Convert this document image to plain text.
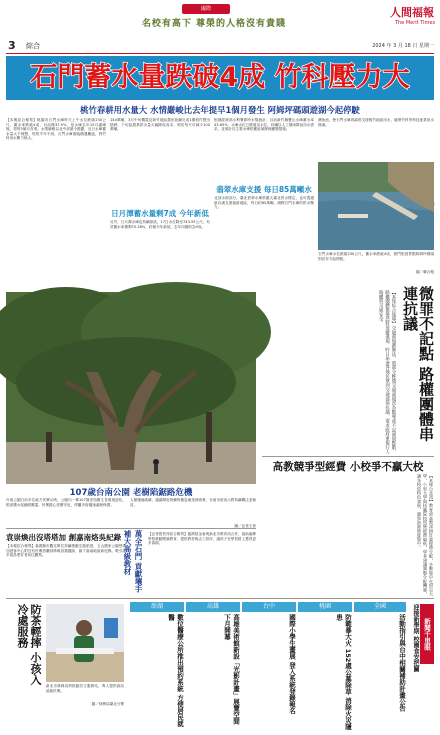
國際
名校有高下 尊榮的人格沒有貴賤
人間福報
The Merit Times
3 綜合	2024 年 3 月 18 日 星期一
石門蓄水量跌破4成 竹科壓力大
桃竹春耕用水量大 水情嚴峻比去年提早1個月發生 阿姆坪碼頭遊湖今起停駛
【本報綜合報導】桃園市石門水庫昨天上午水位跌破230公尺，蓄水率跌破4成，目前僅37.9%，是水庫去年10月滿庫後，短短5個月首度。水情嚴峻以北中部最令擔憂，近日水庫蓄水量大不理想，短短半年不到，石門水庫面臨偶遇颱風，對竹科用水壓力極大。
140萬噸，3月中旬機電及新竹地區農田陸續完成1期稻作整田插秧，下旬起農業供水量大幅降低成本，預估每天可減少100萬噸。
日月潭蓄水量剩7成 今年新低
另外，日月潭水庫也持續探底，17日水位降至743.55公尺，有效蓄水率僅剩70.38%，約創今年新低，去年同期約為9成。
根據經濟部水利署即時水情統計，目前新竹縣寶山水庫蓄水率43.85%，水庫水位已跌破呆水位，持續以人工增雨降低用水需求，並預計於主要水庫供應區域辦理應變措施。
翡翠水庫支援 每日85萬噸水
北部水源部分，臺北翡翠水庫供應大臺北供水穩定，也可透過新店溪支援板新地區，每日約85萬噸，減輕石門水庫的供水壓力。
澳魚池，使石門水庫再調度支援桃竹地區用水，確保竹科等科技產業用水無虞。
石門水庫水位跌破230公尺，蓄水率跌破4成，熱門旅遊景點阿姆坪碼頭則宣布今起停駛。
圖／聯合報
107歲台南公園 老樹陷鋸路危機
台南公園日前多位地方民眾反映，公園內一株107歲老榕樹生長環境惡化，根部遭水泥鋪面覆蓋，民眾擔心老樹安危，呼籲市府儘速處理保護。
人類棲地破壞，讓讓瀕危物種的棲息地受到威脅，台南市府表示將持續關注並檢討。
圖／記者王萱
微罪不記點 路權團體串連抗議
【本報綜合報導】交通部規劃修法，將部分輕微交通違規改為勸導或不記違規點數，路權團體擔憂恐將放縱違規，昨日串連各地民眾到交通部前抗議，要求政府重視行人路權與交通安全。
高教競爭型經費 小校爭不贏大校
【本報台北訊】教育部高教深耕計畫經費分配，多數集中在頂尖大學，小型大學與技職院校所獲經費偏低，學者建議調整分配機制，讓各校依特色發展，避免資源過度集中。
袁崇煥出沒塔塔加 創嘉南烙吳紀錄
【本報綜合報導】嘉義縣市觀光單位持續推動生態旅遊，玉山國家公園塔塔加遊客中心附近有民眾拍攝到珍稀鳥類蹤跡，創下嘉南地區新紀錄，吸引許多賞鳥愛好者前往觀察。	萬全石門 貢獻壤手補大高級教材	【記者張哲萍綜合報導】慈濟基金會與新北市教育局合作，協助偏鄉學校推動閱讀教育，提供教材與志工陪伴，讓孩子在學習路上獲得更多資源。
防茶輕摔 小孩入冷處服務
新北市林務局將推動設立服務站，專人提供資訊協助民眾。
圖／林務局臺北分署
澎湖	高雄	台中	桃園	全國
數位醫療公所推出預約系統 方便居民就醫	高雄美術館新設「光影計畫」展覽空間 下月開幕	國際小學生畫展 登入系統登錄報名	防範暴大火 152處公墓除草 消除火災隱患	活動指引與台中相關補助計畫公告	新聞千里眼
迎接新學期 校園食安把關
